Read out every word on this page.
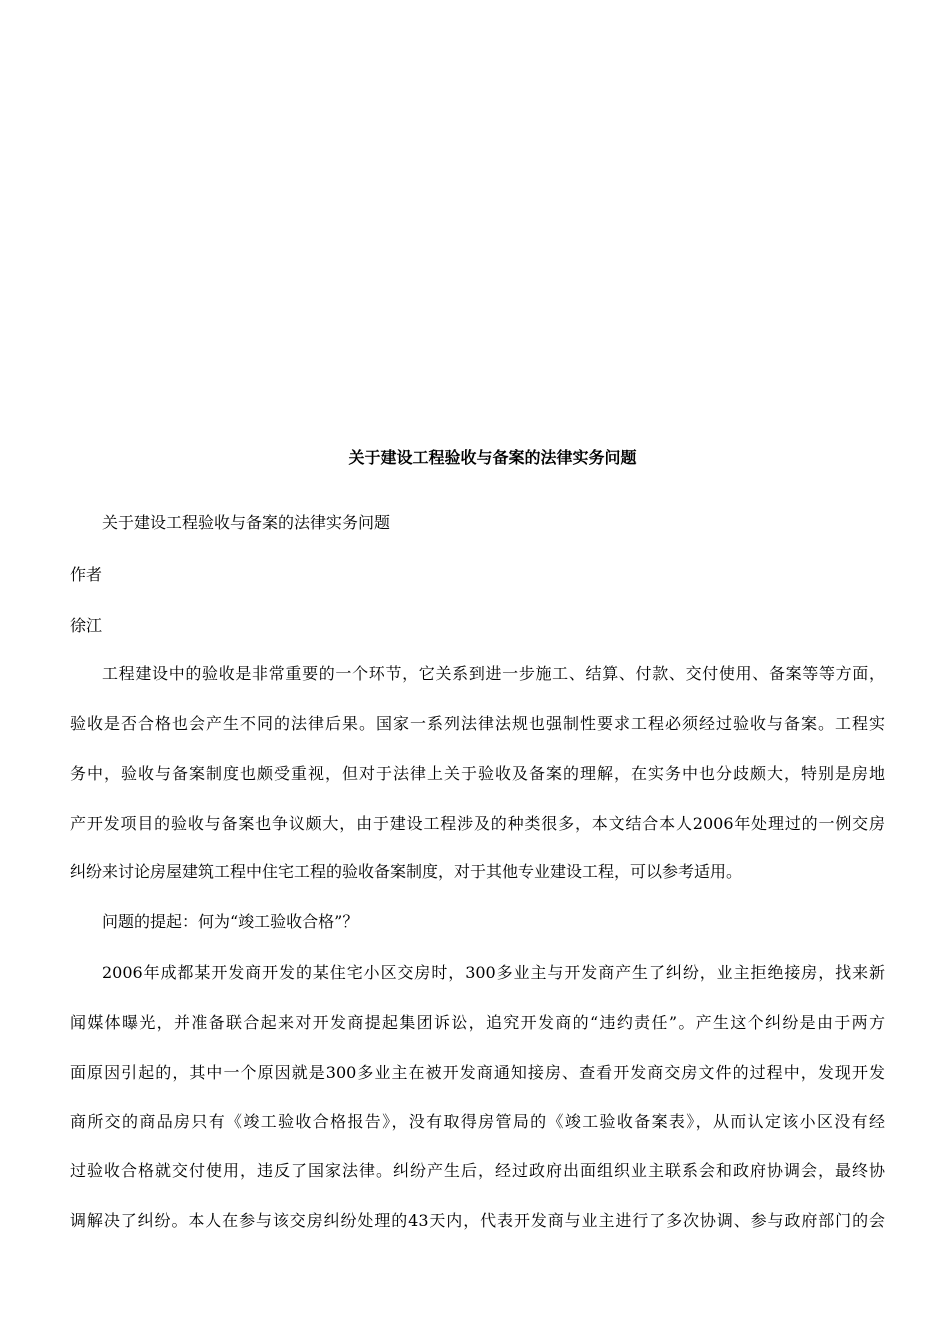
关于建设工程验收与备案的法律实务问题
关于建设工程验收与备案的法律实务问题
作者
徐江
工程建设中的验收是非常重要的一个环节，它关系到进一步施工、结算、付款、交付使用、备案等等方面，
验收是否合格也会产生不同的法律后果。国家一系列法律法规也强制性要求工程必须经过验收与备案。工程实
务中，验收与备案制度也颇受重视，但对于法律上关于验收及备案的理解，在实务中也分歧颇大，特别是房地
产开发项目的验收与备案也争议颇大，由于建设工程涉及的种类很多，本文结合本人2006年处理过的一例交房
纠纷来讨论房屋建筑工程中住宅工程的验收备案制度，对于其他专业建设工程，可以参考适用。
问题的提起：何为“竣工验收合格”？
2006年成都某开发商开发的某住宅小区交房时，300多业主与开发商产生了纠纷，业主拒绝接房，找来新
闻媒体曝光，并准备联合起来对开发商提起集团诉讼，追究开发商的“违约责任”。产生这个纠纷是由于两方
面原因引起的，其中一个原因就是300多业主在被开发商通知接房、查看开发商交房文件的过程中，发现开发
商所交的商品房只有《竣工验收合格报告》，没有取得房管局的《竣工验收备案表》，从而认定该小区没有经
过验收合格就交付使用，违反了国家法律。纠纷产生后，经过政府出面组织业主联系会和政府协调会，最终协
调解决了纠纷。本人在参与该交房纠纷处理的43天内，代表开发商与业主进行了多次协调、参与政府部门的会
